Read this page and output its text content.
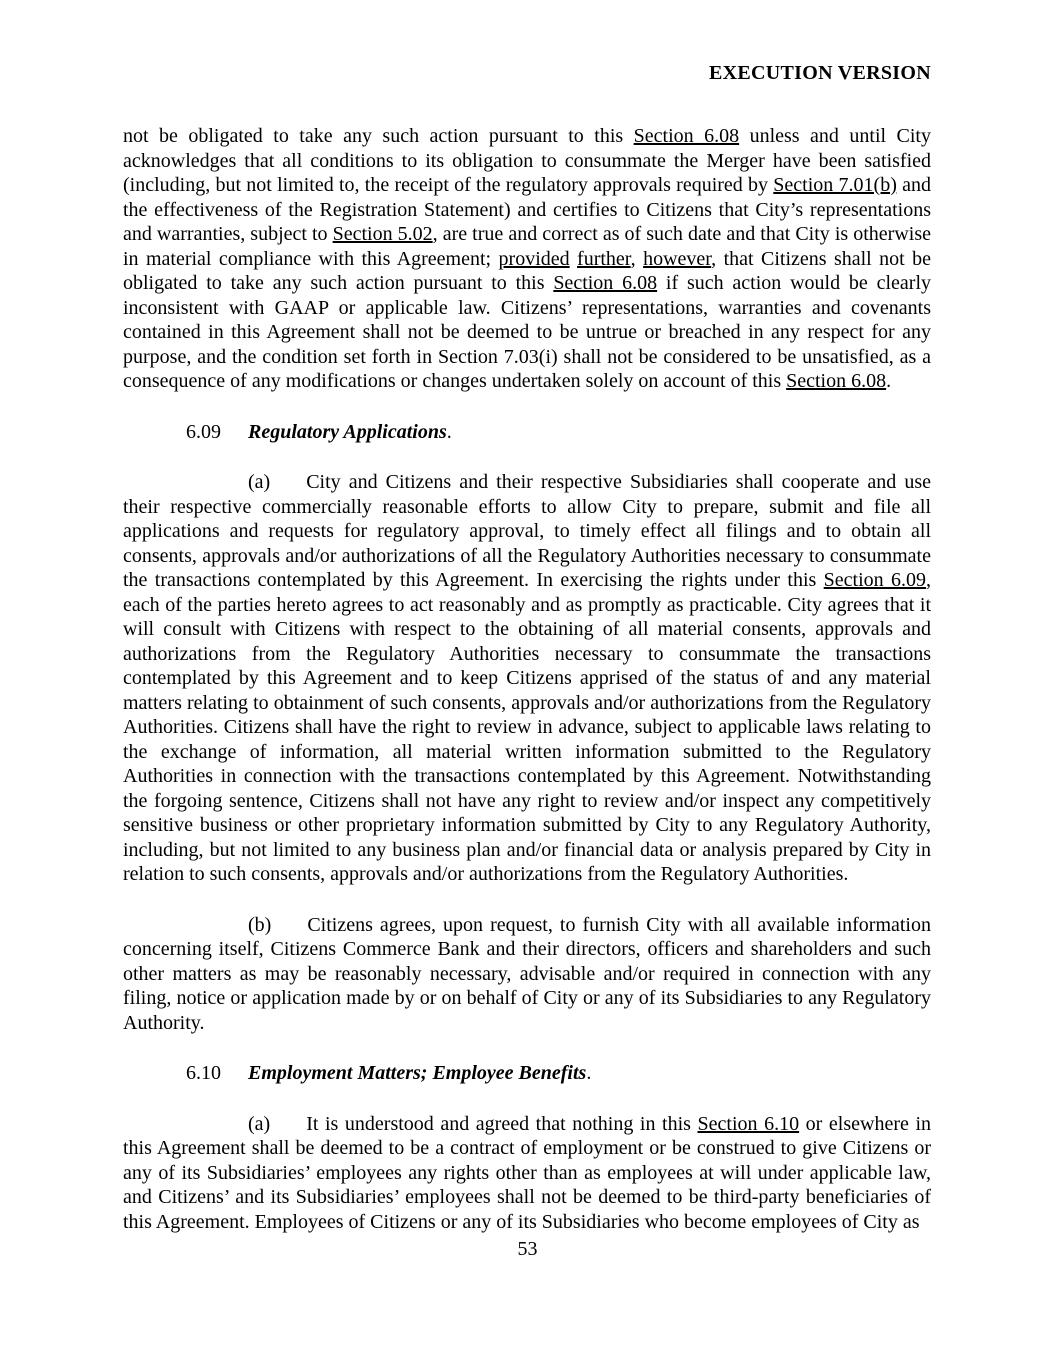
EXECUTION VERSION

not be obligated to take any such action pursuant to this Section 6.08 unless and until City acknowledges that all conditions to its obligation to consummate the Merger have been satisfied (including, but not limited to, the receipt of the regulatory approvals required by Section 7.01(b) and the effectiveness of the Registration Statement) and certifies to Citizens that City’s representations and warranties, subject to Section 5.02, are true and correct as of such date and that City is otherwise in material compliance with this Agreement; provided further, however, that Citizens shall not be obligated to take any such action pursuant to this Section 6.08 if such action would be clearly inconsistent with GAAP or applicable law. Citizens’ representations, warranties and covenants contained in this Agreement shall not be deemed to be untrue or breached in any respect for any purpose, and the condition set forth in Section 7.03(i) shall not be considered to be unsatisfied, as a consequence of any modifications or changes undertaken solely on account of this Section 6.08.

6.09 Regulatory Applications.

(a) City and Citizens and their respective Subsidiaries shall cooperate and use their respective commercially reasonable efforts to allow City to prepare, submit and file all applications and requests for regulatory approval, to timely effect all filings and to obtain all consents, approvals and/or authorizations of all the Regulatory Authorities necessary to consummate the transactions contemplated by this Agreement. In exercising the rights under this Section 6.09, each of the parties hereto agrees to act reasonably and as promptly as practicable. City agrees that it will consult with Citizens with respect to the obtaining of all material consents, approvals and authorizations from the Regulatory Authorities necessary to consummate the transactions contemplated by this Agreement and to keep Citizens apprised of the status of and any material matters relating to obtainment of such consents, approvals and/or authorizations from the Regulatory Authorities. Citizens shall have the right to review in advance, subject to applicable laws relating to the exchange of information, all material written information submitted to the Regulatory Authorities in connection with the transactions contemplated by this Agreement. Notwithstanding the forgoing sentence, Citizens shall not have any right to review and/or inspect any competitively sensitive business or other proprietary information submitted by City to any Regulatory Authority, including, but not limited to any business plan and/or financial data or analysis prepared by City in relation to such consents, approvals and/or authorizations from the Regulatory Authorities.

(b) Citizens agrees, upon request, to furnish City with all available information concerning itself, Citizens Commerce Bank and their directors, officers and shareholders and such other matters as may be reasonably necessary, advisable and/or required in connection with any filing, notice or application made by or on behalf of City or any of its Subsidiaries to any Regulatory Authority.

6.10 Employment Matters; Employee Benefits.

(a) It is understood and agreed that nothing in this Section 6.10 or elsewhere in this Agreement shall be deemed to be a contract of employment or be construed to give Citizens or any of its Subsidiaries’ employees any rights other than as employees at will under applicable law, and Citizens’ and its Subsidiaries’ employees shall not be deemed to be third-party beneficiaries of this Agreement. Employees of Citizens or any of its Subsidiaries who become employees of City as

53
